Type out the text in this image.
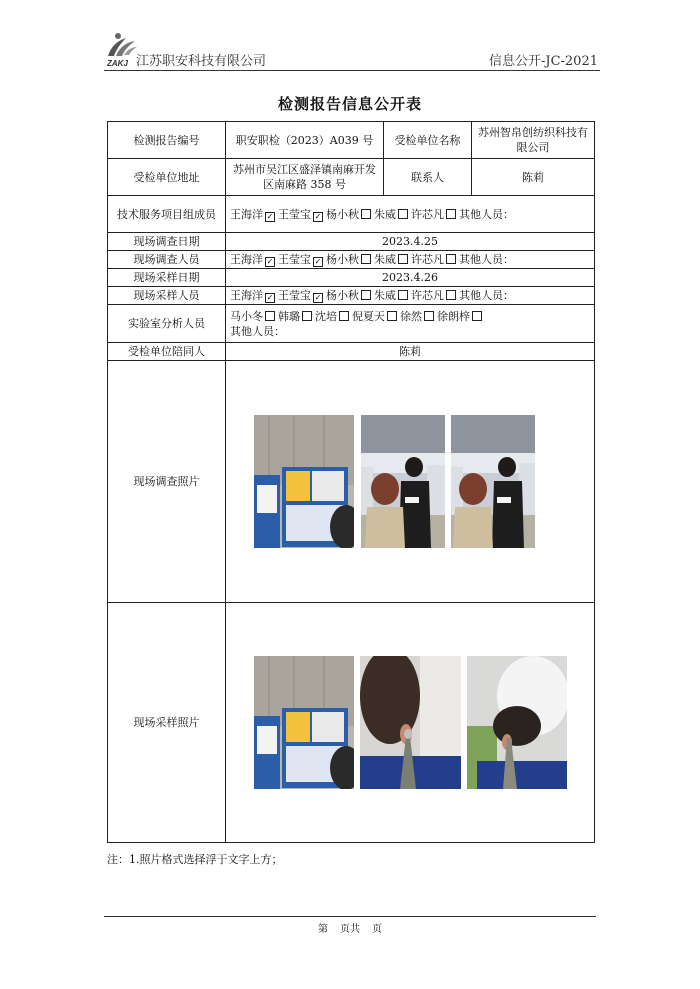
ZAKJ 江苏职安科技有限公司	信息公开-JC-2021
检测报告信息公开表
检测报告编号	职安职检（2023）A039 号	受检单位名称	苏州智帛创纺织科技有限公司
受检单位地址	苏州市吴江区盛泽镇南麻开发区南麻路 358 号	联系人	陈莉
技术服务项目组成员	王海洋 ✓ 王莹宝 ✓ 杨小秋 朱威 许芯凡 其他人员：
现场调查日期	2023.4.25		
现场调查人员	王海洋 ✓ 王莹宝 ✓ 杨小秋 朱威 许芯凡 其他人员：
现场采样日期	2023.4.26		
现场采样人员	王海洋 ✓ 王莹宝 ✓ 杨小秋 朱威 许芯凡 其他人员：
实验室分析人员	马小冬 韩璐 沈培 倪夏天 徐然 徐朗梓
其他人员：		

受检单位陪同人	陈莉		
现场调查照片	

现场采样照片	
注：1.照片格式选择浮于文字上方；
第 页共 页
